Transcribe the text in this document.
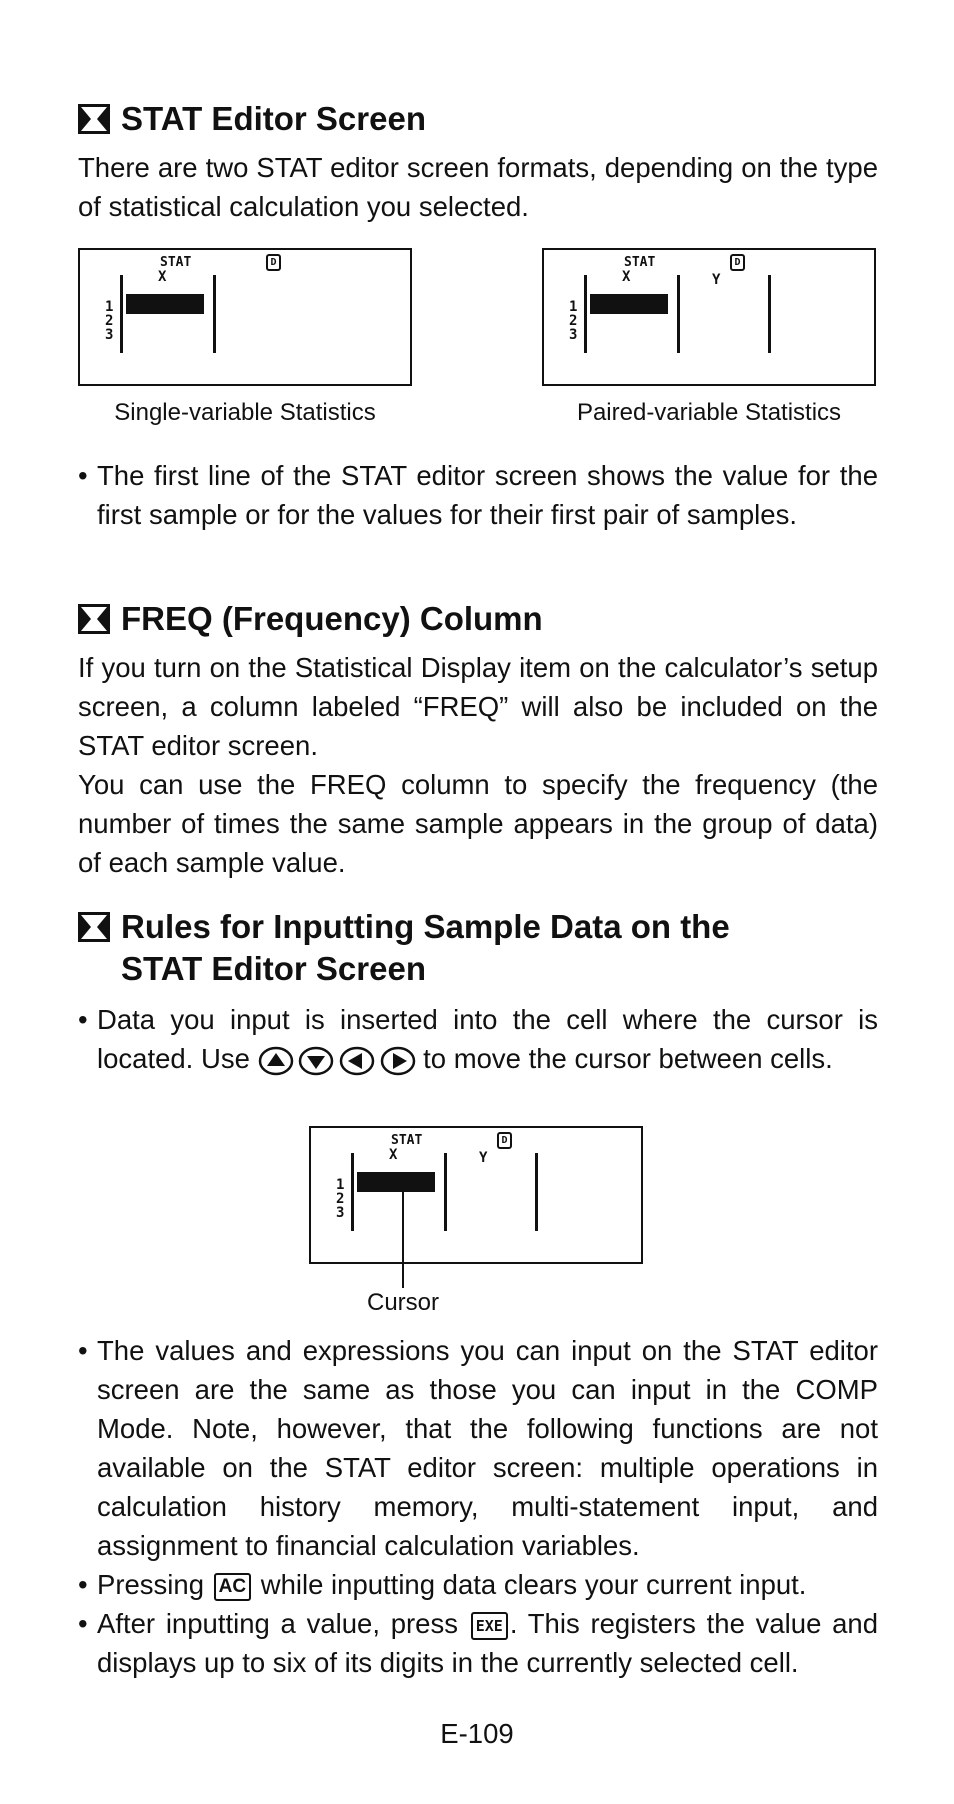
STAT Editor Screen
There are two STAT editor screen formats, depending on the type of statistical calculation you selected.
STAT	D
X
1
2
3
Single-variable Statistics
STAT	D
X	Y
1
2
3
Paired-variable Statistics
• The first line of the STAT editor screen shows the value for the first sample or for the values for their first pair of samples.
FREQ (Frequency) Column
If you turn on the Statistical Display item on the calculator’s setup screen, a column labeled “FREQ” will also be included on the STAT editor screen.
You can use the FREQ column to specify the frequency (the number of times the same sample appears in the group of data) of each sample value.
Rules for Inputting Sample Data on the
STAT Editor Screen
• Data you input is inserted into the cell where the cursor is located. Use	to move the cursor between cells.
STAT	D
X	Y
1
2
3
Cursor
• The values and expressions you can input on the STAT editor screen are the same as those you can input in the COMP Mode. Note, however, that the following functions are not available on the STAT editor screen: multiple operations in calculation history memory, multi-statement input, and assignment to financial calculation variables.
• Pressing AC while inputting data clears your current input.
• After inputting a value, press EXE . This registers the value and displays up to six of its digits in the currently selected cell.
E-109
